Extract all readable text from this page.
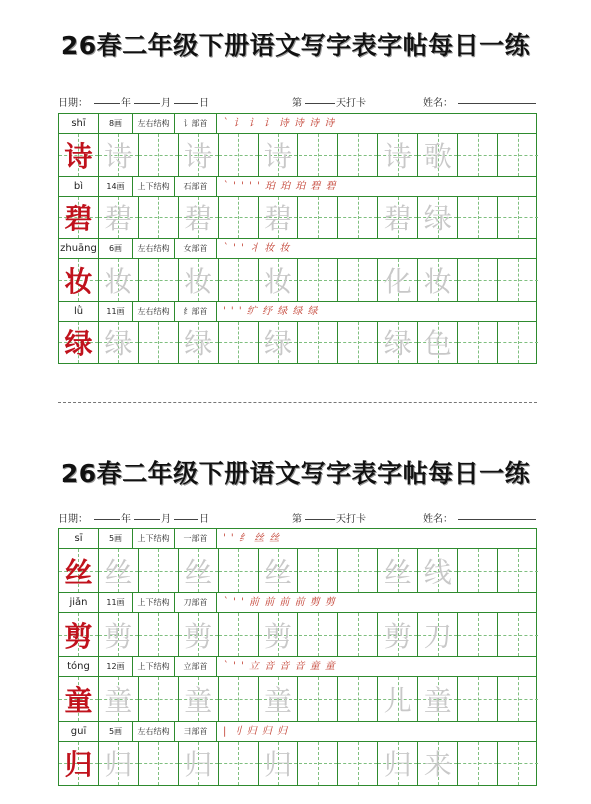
26春二年级下册语文写字表字帖每日一练
日期：	年	月	日	第	天打卡	姓名：
shī	8画	左右结构	讠部首	` 讠 讠 讠 诗 诗 诗 诗
诗 诗 诗 诗	诗 歌
bì	14画	上下结构	石部首	` ' ' ' ' 珀 珀 珀 碧 碧
碧 碧 碧 碧	碧 绿
zhuāng	6画	左右结构	女部首	` ' ' 丬 妆 妆
妆 妆 妆 妆	化 妆
lǜ	11画	左右结构	纟部首	' ' ' 纩 纾 绿 绿 绿
绿 绿 绿 绿	绿 色
26春二年级下册语文写字表字帖每日一练
日期：	年	月	日	第	天打卡	姓名：
sī	5画	上下结构	一部首	' ' 纟 丝 丝
丝 丝 丝 丝	丝 线
jiǎn	11画	上下结构	刀部首	` ' ' 前 前 前 前 剪 剪
剪 剪 剪 剪	剪 刀
tóng	12画	上下结构	立部首	` ' ' 立 音 音 音 童 童
童 童 童 童	儿 童
guī	5画	左右结构	彐部首	| 刂 归 归 归
归 归 归 归	归 来
